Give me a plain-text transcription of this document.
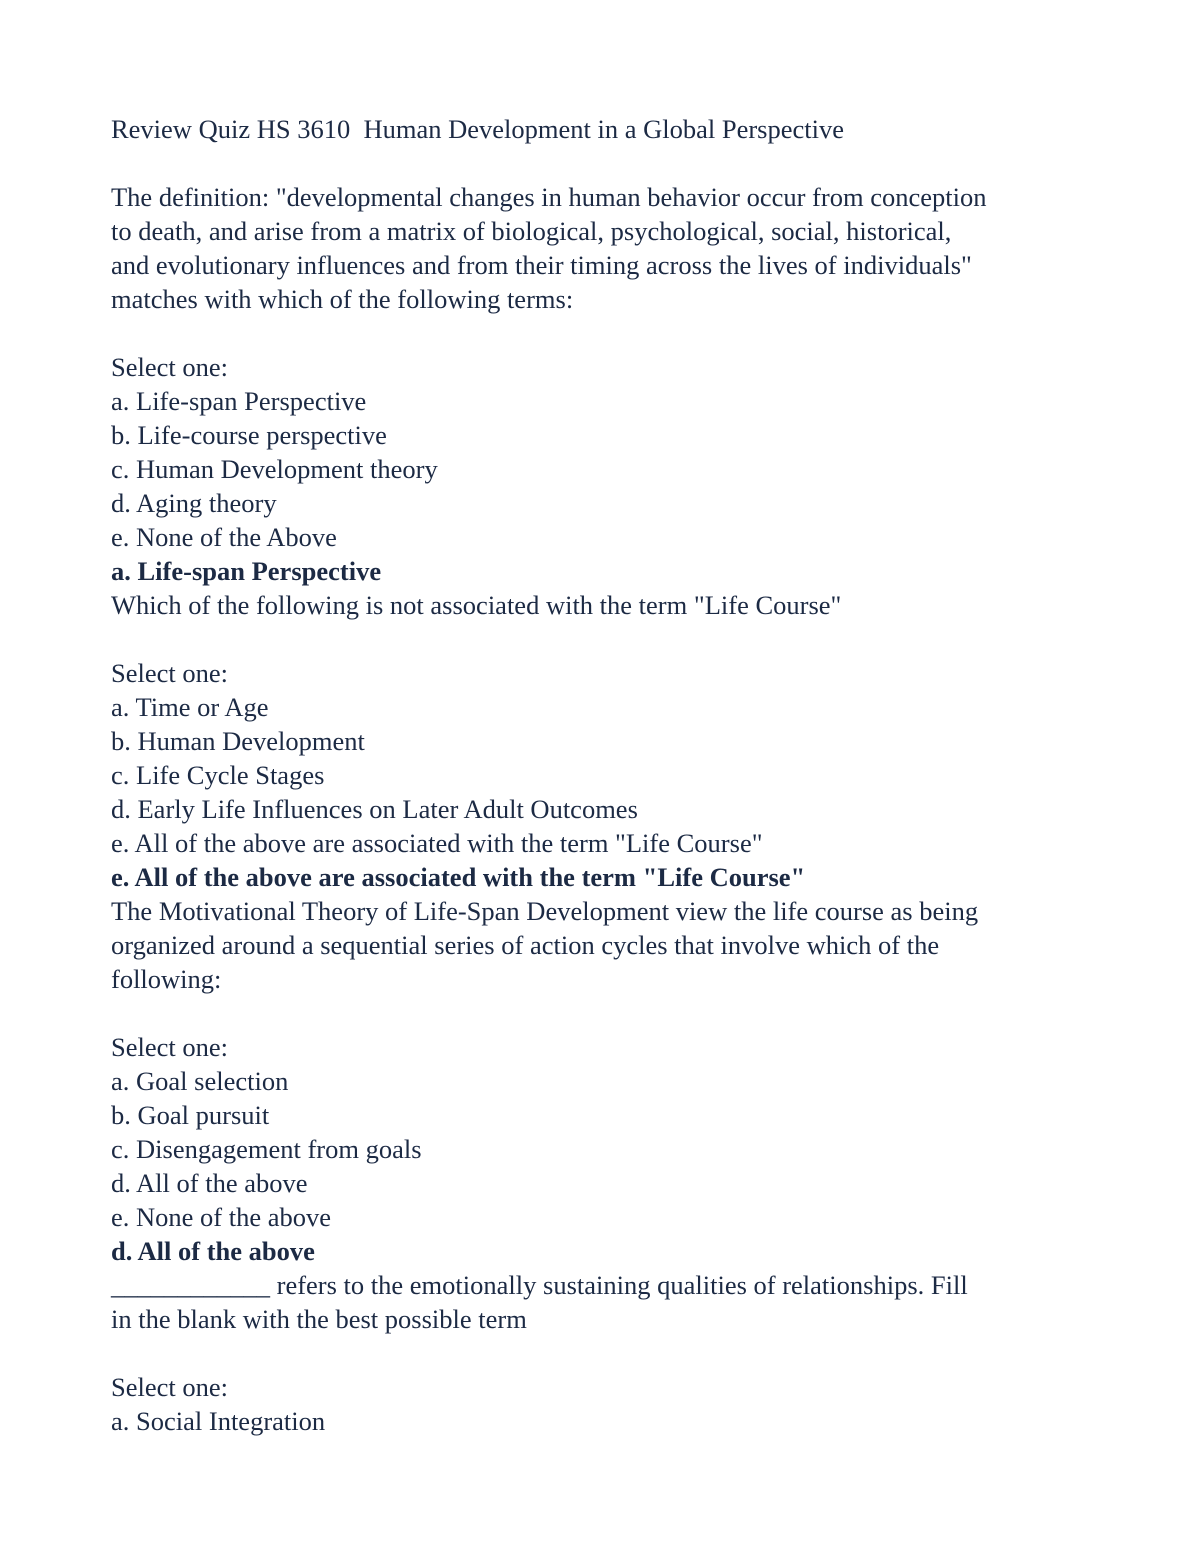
Review Quiz HS 3610  Human Development in a Global Perspective
The definition: "developmental changes in human behavior occur from conception
to death, and arise from a matrix of biological, psychological, social, historical,
and evolutionary influences and from their timing across the lives of individuals"
matches with which of the following terms:
Select one:
a. Life-span Perspective
b. Life-course perspective
c. Human Development theory
d. Aging theory
e. None of the Above
a. Life-span Perspective
Which of the following is not associated with the term "Life Course"
Select one:
a. Time or Age
b. Human Development
c. Life Cycle Stages
d. Early Life Influences on Later Adult Outcomes
e. All of the above are associated with the term "Life Course"
e. All of the above are associated with the term "Life Course"
The Motivational Theory of Life-Span Development view the life course as being
organized around a sequential series of action cycles that involve which of the
following:
Select one:
a. Goal selection
b. Goal pursuit
c. Disengagement from goals
d. All of the above
e. None of the above
d. All of the above
____________ refers to the emotionally sustaining qualities of relationships. Fill
in the blank with the best possible term
Select one:
a. Social Integration
